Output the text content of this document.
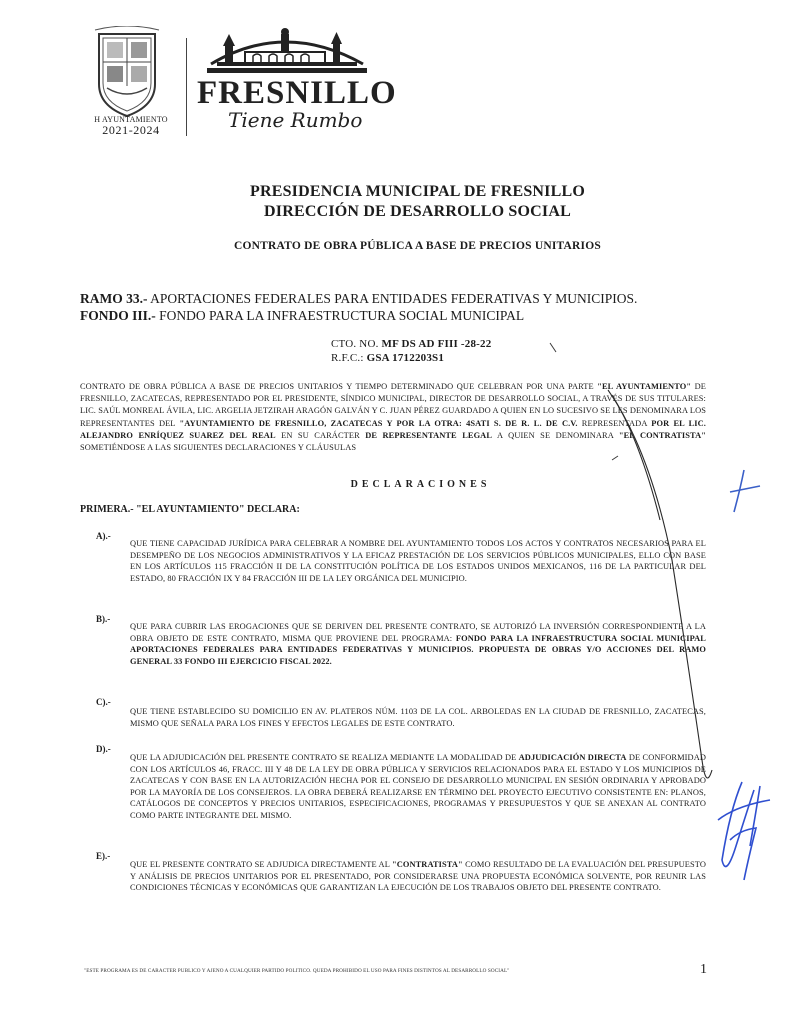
H AYUNTAMIENTO
2021-2024
FRESNILLO
Tiene Rumbo
PRESIDENCIA MUNICIPAL DE FRESNILLO
DIRECCIÓN DE DESARROLLO SOCIAL
CONTRATO DE OBRA PÚBLICA A BASE DE PRECIOS UNITARIOS
RAMO 33.- APORTACIONES FEDERALES PARA ENTIDADES FEDERATIVAS Y MUNICIPIOS.
FONDO III.- FONDO PARA LA INFRAESTRUCTURA SOCIAL MUNICIPAL
CTO. NO. MF DS AD FIII -28-22
R.F.C.: GSA 1712203S1
CONTRATO DE OBRA PÚBLICA A BASE DE PRECIOS UNITARIOS Y TIEMPO DETERMINADO QUE CELEBRAN POR UNA PARTE "EL AYUNTAMIENTO" DE FRESNILLO, ZACATECAS, REPRESENTADO POR EL PRESIDENTE, SÍNDICO MUNICIPAL, DIRECTOR DE DESARROLLO SOCIAL, A TRAVÉS DE SUS TITULARES: LIC. SAÚL MONREAL ÁVILA, LIC. ARGELIA JETZIRAH ARAGÓN GALVÁN Y C. JUAN PÉREZ GUARDADO A QUIEN EN LO SUCESIVO SE LES DENOMINARA LOS REPRESENTANTES DEL "AYUNTAMIENTO DE FRESNILLO, ZACATECAS Y POR LA OTRA: 4SATI S. DE R. L. DE C.V. REPRESENTADA POR EL LIC. ALEJANDRO ENRÍQUEZ SUAREZ DEL REAL EN SU CARÁCTER DE REPRESENTANTE LEGAL A QUIEN SE DENOMINARA "EL CONTRATISTA" SOMETIÉNDOSE A LAS SIGUIENTES DECLARACIONES Y CLÁUSULAS
DECLARACIONES
PRIMERA.- "EL AYUNTAMIENTO" DECLARA:
A).-
QUE TIENE CAPACIDAD JURÍDICA PARA CELEBRAR A NOMBRE DEL AYUNTAMIENTO TODOS LOS ACTOS Y CONTRATOS NECESARIOS PARA EL DESEMPEÑO DE LOS NEGOCIOS ADMINISTRATIVOS Y LA EFICAZ PRESTACIÓN DE LOS SERVICIOS PÚBLICOS MUNICIPALES, ELLO CON BASE EN LOS ARTÍCULOS 115 FRACCIÓN II DE LA CONSTITUCIÓN POLÍTICA DE LOS ESTADOS UNIDOS MEXICANOS, 116 DE LA PARTICULAR DEL ESTADO, 80 FRACCIÓN IX Y 84 FRACCIÓN III DE LA LEY ORGÁNICA DEL MUNICIPIO.
B).-
QUE PARA CUBRIR LAS EROGACIONES QUE SE DERIVEN DEL PRESENTE CONTRATO, SE AUTORIZÓ LA INVERSIÓN CORRESPONDIENTE A LA OBRA OBJETO DE ESTE CONTRATO, MISMA QUE PROVIENE DEL PROGRAMA: FONDO PARA LA INFRAESTRUCTURA SOCIAL MUNICIPAL APORTACIONES FEDERALES PARA ENTIDADES FEDERATIVAS Y MUNICIPIOS. PROPUESTA DE OBRAS Y/O ACCIONES DEL RAMO GENERAL 33 FONDO III EJERCICIO FISCAL 2022.
C).-
QUE TIENE ESTABLECIDO SU DOMICILIO EN AV. PLATEROS NÚM. 1103 DE LA COL. ARBOLEDAS EN LA CIUDAD DE FRESNILLO, ZACATECAS, MISMO QUE SEÑALA PARA LOS FINES Y EFECTOS LEGALES DE ESTE CONTRATO.
D).-
QUE LA ADJUDICACIÓN DEL PRESENTE CONTRATO SE REALIZA MEDIANTE LA MODALIDAD DE ADJUDICACIÓN DIRECTA DE CONFORMIDAD CON LOS ARTÍCULOS 46, FRACC. III Y 48 DE LA LEY DE OBRA PÚBLICA Y SERVICIOS RELACIONADOS PARA EL ESTADO Y LOS MUNICIPIOS DE ZACATECAS Y CON BASE EN LA AUTORIZACIÓN HECHA POR EL CONSEJO DE DESARROLLO MUNICIPAL EN SESIÓN ORDINARIA Y APROBADO POR LA MAYORÍA DE LOS CONSEJEROS. LA OBRA DEBERÁ REALIZARSE EN TÉRMINO DEL PROYECTO EJECUTIVO CONSISTENTE EN: PLANOS, CATÁLOGOS DE CONCEPTOS Y PRECIOS UNITARIOS, ESPECIFICACIONES, PROGRAMAS Y PRESUPUESTOS Y QUE SE ANEXAN AL CONTRATO COMO PARTE INTEGRANTE DEL MISMO.
E).-
QUE EL PRESENTE CONTRATO SE ADJUDICA DIRECTAMENTE AL "CONTRATISTA" COMO RESULTADO DE LA EVALUACIÓN DEL PRESUPUESTO Y ANÁLISIS DE PRECIOS UNITARIOS POR EL PRESENTADO, POR CONSIDERARSE UNA PROPUESTA ECONÓMICA SOLVENTE, POR REUNIR LAS CONDICIONES TÉCNICAS Y ECONÓMICAS QUE GARANTIZAN LA EJECUCIÓN DE LOS TRABAJOS OBJETO DEL PRESENTE CONTRATO.
"ESTE PROGRAMA ES DE CARACTER PUBLICO Y AJENO A CUALQUIER PARTIDO POLITICO. QUEDA PROHIBIDO EL USO PARA FINES DISTINTOS AL DESARROLLO SOCIAL"	1
